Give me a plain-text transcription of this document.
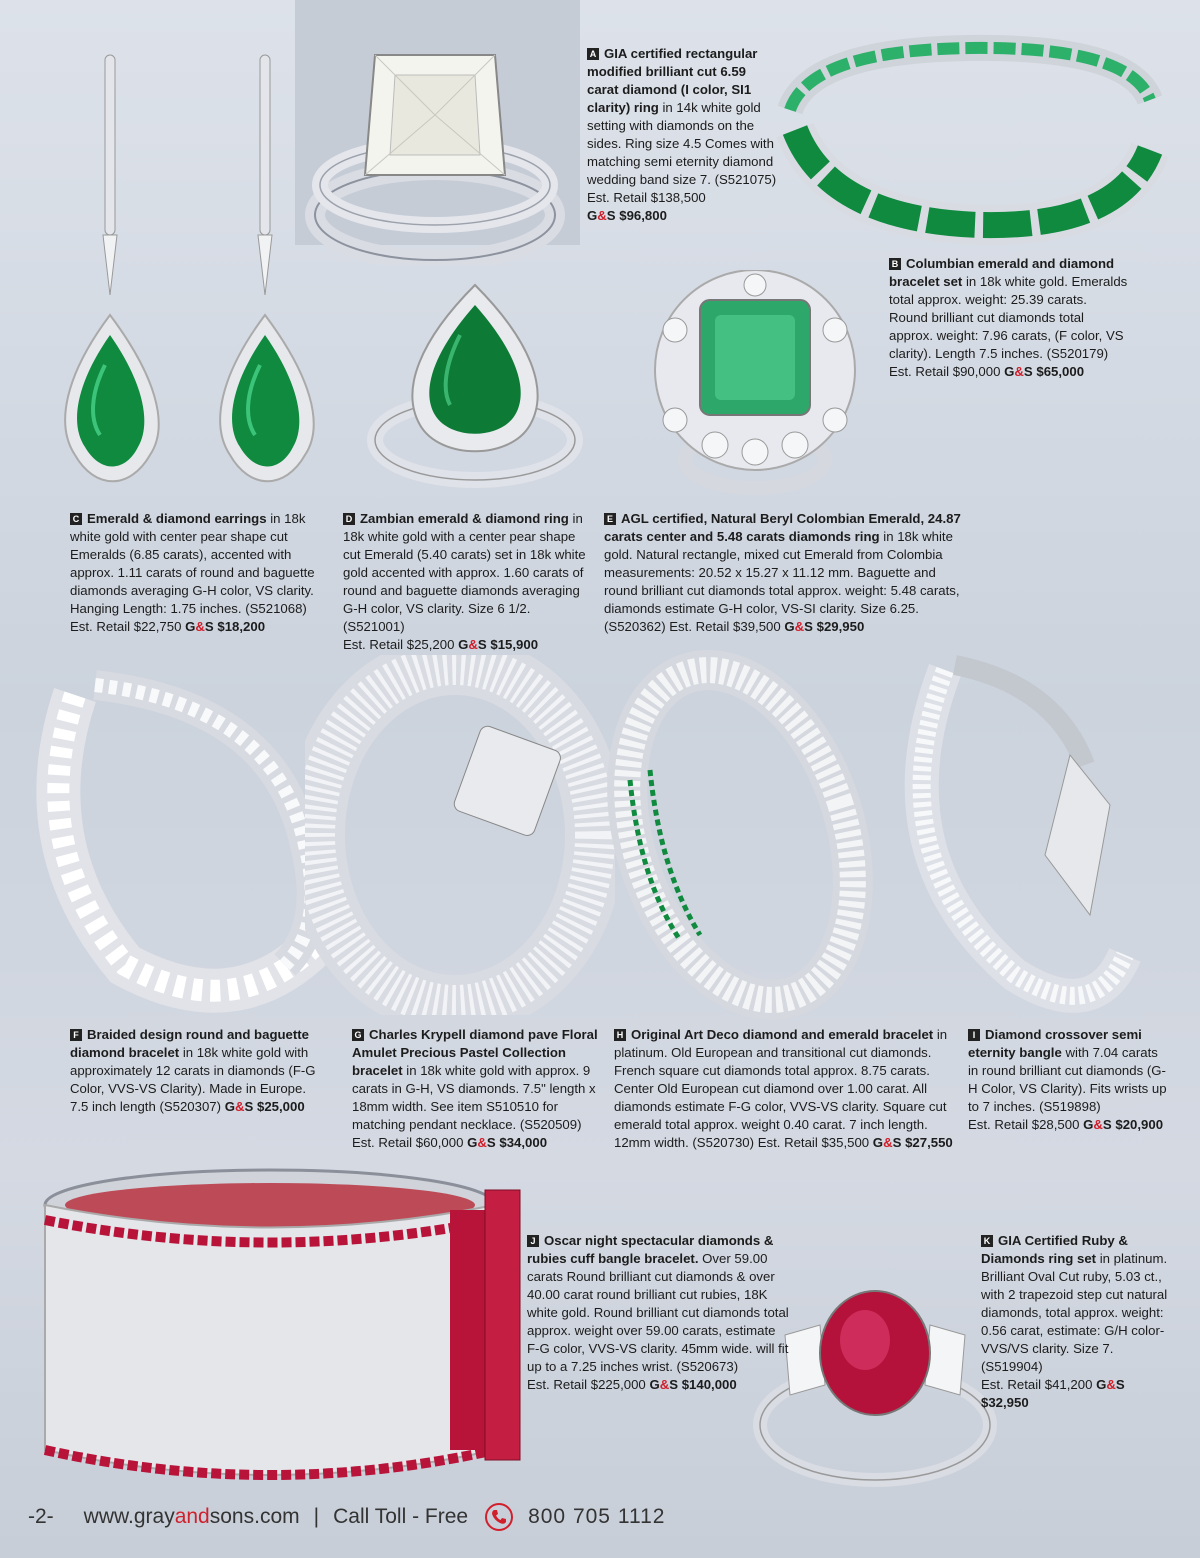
A GIA certified rectangular modified brilliant cut 6.59 carat diamond (I color, SI1 clarity) ring in 14k white gold setting with diamonds on the sides. Ring size 4.5 Comes with matching semi eternity diamond wedding band size 7. (S521075)
Est. Retail $138,500
G&S $96,800
B Columbian emerald and diamond bracelet set in 18k white gold. Emeralds total approx. weight: 25.39 carats. Round brilliant cut diamonds total approx. weight: 7.96 carats, (F color, VS clarity). Length 7.5 inches. (S520179)
Est. Retail $90,000 G&S $65,000
C Emerald & diamond earrings in 18k white gold with center pear shape cut Emeralds (6.85 carats), accented with approx. 1.11 carats of round and baguette diamonds averaging G-H color, VS clarity. Hanging Length: 1.75 inches. (S521068)
Est. Retail $22,750 G&S $18,200
D Zambian emerald & diamond ring in 18k white gold with a center pear shape cut Emerald (5.40 carats) set in 18k white gold accented with approx. 1.60 carats of round and baguette diamonds averaging G-H color, VS clarity. Size 6 1/2. (S521001)
Est. Retail $25,200 G&S $15,900
E AGL certified, Natural Beryl Colombian Emerald, 24.87 carats center and 5.48 carats diamonds ring in 18k white gold. Natural rectangle, mixed cut Emerald from Colombia measurements: 20.52 x 15.27 x 11.12 mm. Baguette and round brilliant cut diamonds total approx. weight: 5.48 carats, diamonds estimate G-H color, VS-SI clarity. Size 6.25. (S520362) Est. Retail $39,500 G&S $29,950
F Braided design round and baguette diamond bracelet in 18k white gold with approximately 12 carats in diamonds (F-G Color, VVS-VS Clarity). Made in Europe. 7.5 inch length (S520307) G&S $25,000
G Charles Krypell diamond pave Floral Amulet Precious Pastel Collection bracelet in 18k white gold with approx. 9 carats in G-H, VS diamonds. 7.5" length x 18mm width. See item S510510 for matching pendant necklace. (S520509)
Est. Retail $60,000 G&S $34,000
H Original Art Deco diamond and emerald bracelet in platinum. Old European and transitional cut diamonds. French square cut diamonds total approx. 8.75 carats. Center Old European cut diamond over 1.00 carat. All diamonds estimate F-G color, VVS-VS clarity. Square cut emerald total approx. weight 0.40 carat. 7 inch length. 12mm width. (S520730) Est. Retail $35,500 G&S $27,550
I Diamond crossover semi eternity bangle with 7.04 carats in round brilliant cut diamonds (G-H Color, VS Clarity). Fits wrists up to 7 inches. (S519898)
Est. Retail $28,500 G&S $20,900
J Oscar night spectacular diamonds & rubies cuff bangle bracelet. Over 59.00 carats Round brilliant cut diamonds & over 40.00 carat round brilliant cut rubies, 18K white gold. Round brilliant cut diamonds total approx. weight over 59.00 carats, estimate F-G color, VVS-VS clarity. 45mm wide. will fit up to a 7.25 inches wrist. (S520673)
Est. Retail $225,000 G&S $140,000
K GIA Certified Ruby & Diamonds ring set in platinum. Brilliant Oval Cut ruby, 5.03 ct., with 2 trapezoid step cut natural diamonds, total approx. weight: 0.56 carat, estimate: G/H color-VVS/VS clarity. Size 7. (S519904)
Est. Retail $41,200 G&S $32,950
-2- www.grayandsons.com | Call Toll - Free	800 705 1112
